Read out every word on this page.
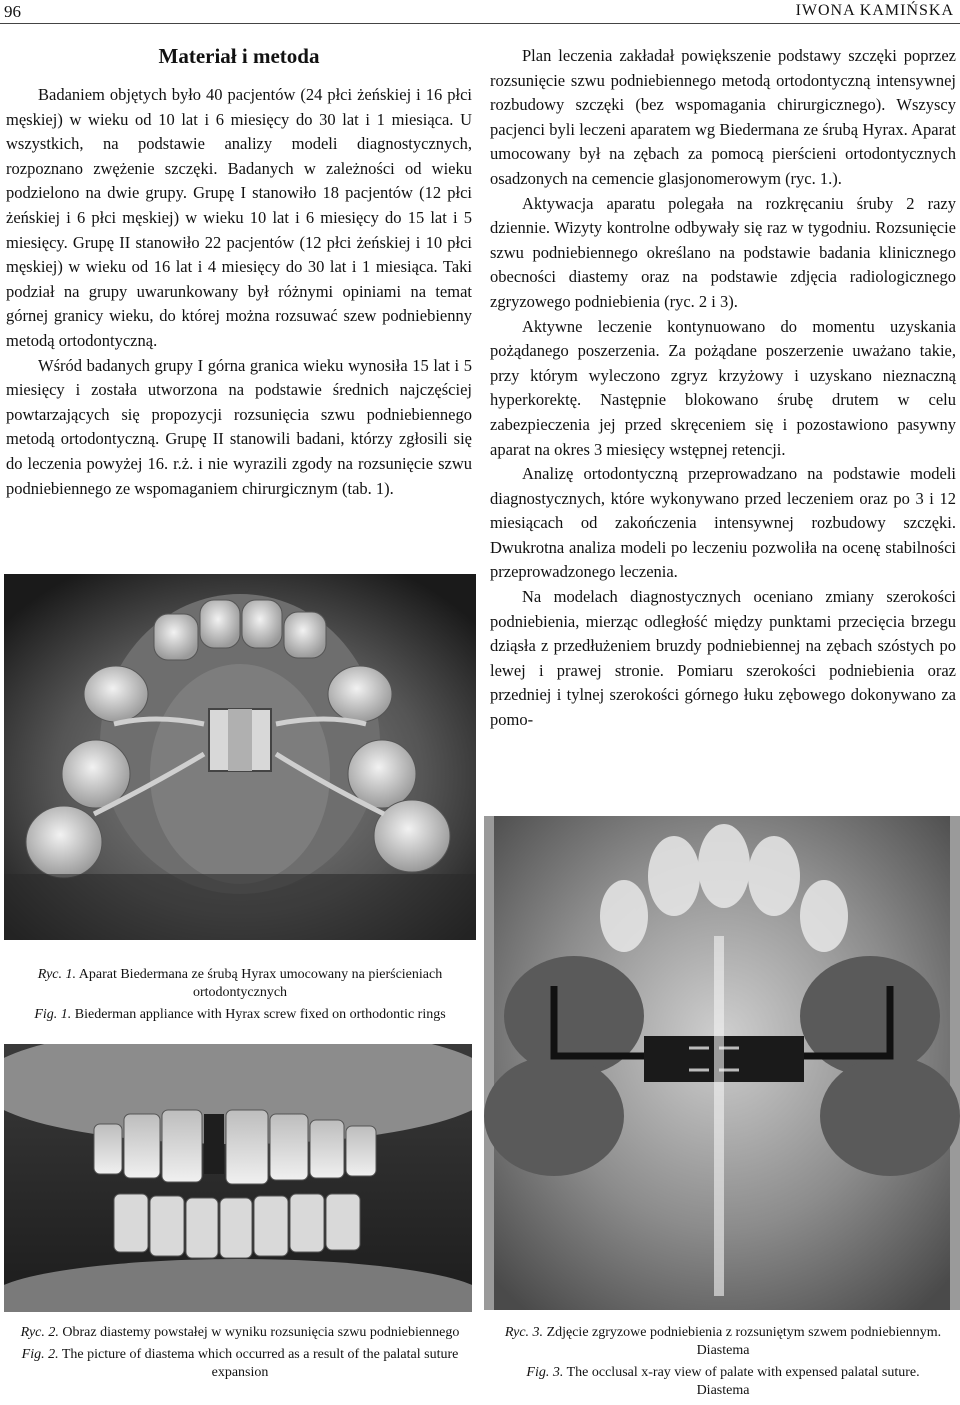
96	IWONA KAMIŃSKA
Materiał i metoda

Badaniem objętych było 40 pacjentów (24 płci żeńskiej i 16 płci męskiej) w wieku od 10 lat i 6 miesięcy do 30 lat i 1 miesiąca. U wszystkich, na podstawie analizy modeli diagnostycznych, rozpoznano zwężenie szczęki. Badanych w zależności od wieku podzielono na dwie grupy. Grupę I stanowiło 18 pacjentów (12 płci żeńskiej i 6 płci męskiej) w wieku 10 lat i 6 miesięcy do 15 lat i 5 miesięcy. Grupę II stanowiło 22 pacjentów (12 płci żeńskiej i 10 płci męskiej) w wieku od 16 lat i 4 miesięcy do 30 lat i 1 miesiąca. Taki podział na grupy uwarunkowany był różnymi opiniami na temat górnej granicy wieku, do której można rozsuwać szew podniebienny metodą ortodontyczną.

Wśród badanych grupy I górna granica wieku wynosiła 15 lat i 5 miesięcy i została utworzona na podstawie średnich najczęściej powtarzających się propozycji rozsunięcia szwu podniebiennego metodą ortodontyczną. Grupę II stanowili badani, którzy zgłosili się do leczenia powyżej 16. r.ż. i nie wyrazili zgody na rozsunięcie szwu podniebiennego ze wspomaganiem chirurgicznym (tab. 1).

Plan leczenia zakładał powiększenie podstawy szczęki poprzez rozsunięcie szwu podniebiennego metodą ortodontyczną intensywnej rozbudowy szczęki (bez wspomagania chirurgicznego). Wszyscy pacjenci byli leczeni aparatem wg Biedermana ze śrubą Hyrax. Aparat umocowany był na zębach za pomocą pierścieni ortodontycznych osadzonych na cemencie glasjonomerowym (ryc. 1.).

Aktywacja aparatu polegała na rozkręcaniu śruby 2 razy dziennie. Wizyty kontrolne odbywały się raz w tygodniu. Rozsunięcie szwu podniebiennego określano na podstawie badania klinicznego obecności diastemy oraz na podstawie zdjęcia radiologicznego zgryzowego podniebienia (ryc. 2 i 3).

Aktywne leczenie kontynuowano do momentu uzyskania pożądanego poszerzenia. Za pożądane poszerzenie uważano takie, przy którym wyleczono zgryz krzyżowy i uzyskano nieznaczną hyperkorektę. Następnie blokowano śrubę drutem w celu zabezpieczenia jej przed skręceniem się i pozostawiono pasywny aparat na okres 3 miesięcy wstępnej retencji.

Analizę ortodontyczną przeprowadzano na podstawie modeli diagnostycznych, które wykonywano przed leczeniem oraz po 3 i 12 miesiącach od zakończenia intensywnej rozbudowy szczęki. Dwukrotna analiza modeli po leczeniu pozwoliła na ocenę stabilności przeprowadzonego leczenia.

Na modelach diagnostycznych oceniano zmiany szerokości podniebienia, mierząc odległość między punktami przecięcia brzegu dziąsła z przedłużeniem bruzdy podniebiennej na zębach szóstych po lewej i prawej stronie. Pomiaru szerokości podniebienia oraz przedniej i tylnej szerokości górnego łuku zębowego dokonywano za pomo-

Ryc. 1. Aparat Biedermana ze śrubą Hyrax umocowany na pierścieniach ortodontycznych

Fig. 1. Biederman appliance with Hyrax screw fixed on orthodontic rings

Ryc. 2. Obraz diastemy powstałej w wyniku rozsunięcia szwu podniebiennego

Fig. 2. The picture of diastema which occurred as a result of the palatal suture expansion

Ryc. 3. Zdjęcie zgryzowe podniebienia z rozsuniętym szwem podniebiennym. Diastema

Fig. 3. The occlusal x-ray view of palate with expensed palatal suture. Diastema
